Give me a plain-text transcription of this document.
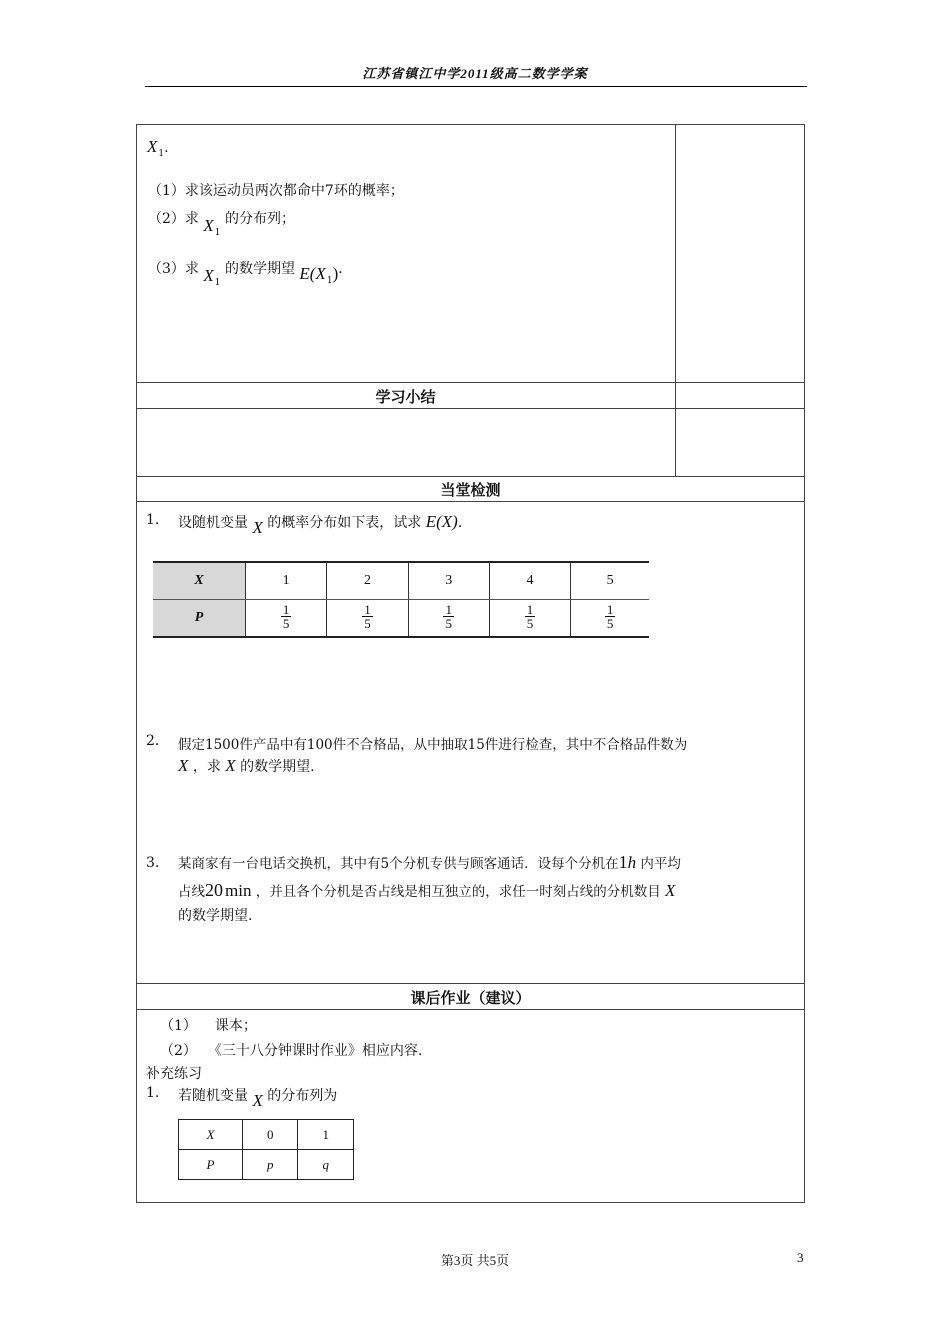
江苏省镇江中学2011级高二数学学案
$X_1$.
（1）求该运动员两次都命中7环的概率；
（2）求 $X_1$ 的分布列；
（3）求 $X_1$ 的数学期望 $E(X_1)$.
学习小结
当堂检测
课后作业（建议）
1. 设随机变量 X 的概率分布如下表，试求 E(X).
X	1	2	3	4	5
P	$\frac{1}{5}$	$\frac{1}{5}$	$\frac{1}{5}$	$\frac{1}{5}$	$\frac{1}{5}$
2. 假定1500件产品中有100件不合格品，从中抽取15件进行检查，其中不合格品件数为
X ，求 X 的数学期望.
3. 某商家有一台电话交换机，其中有5个分机专供与顾客通话．设每个分机在1h 内平均
占线20 min ，并且各个分机是否占线是相互独立的，求任一时刻占线的分机数目 X
的数学期望.
（1） 课本；
（2） 《三十八分钟课时作业》相应内容.
补充练习
1. 若随机变量 X 的分布列为
X	0	1
P	p	q
第3页 共5页	3
